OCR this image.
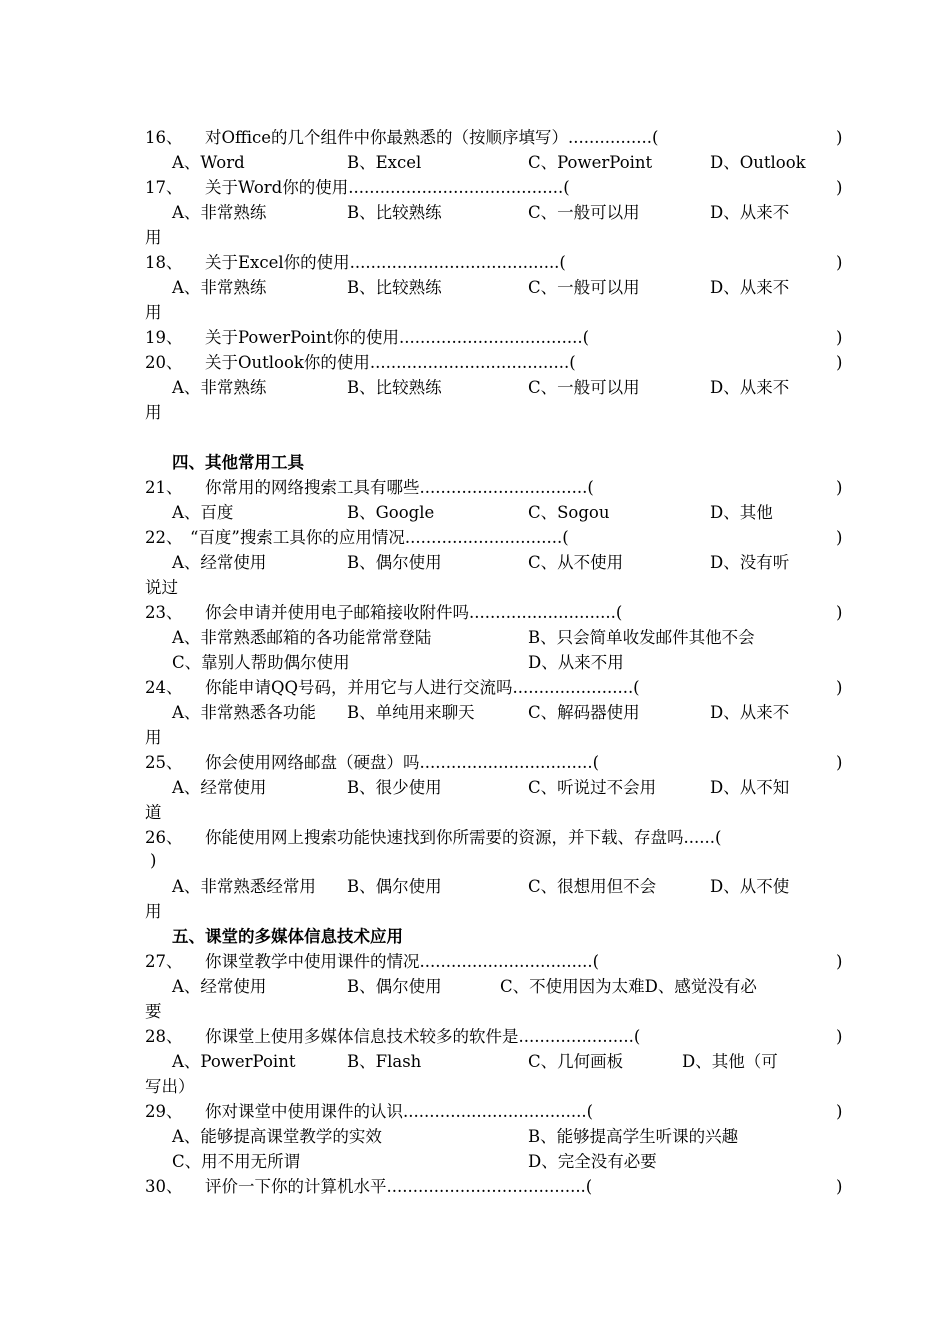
16、 对Office的几个组件中你最熟悉的（按顺序填写）................(	)
A、Word	B、Excel	C、PowerPoint	D、Outlook
17、 关于Word你的使用.........................................(	)
A、非常熟练	B、比较熟练	C、一般可以用	D、从来不
用
18、 关于Excel你的使用........................................(	)
A、非常熟练	B、比较熟练	C、一般可以用	D、从来不
用
19、 关于PowerPoint你的使用...................................(	)
20、 关于Outlook你的使用......................................(	)
A、非常熟练	B、比较熟练	C、一般可以用	D、从来不
用
四、其他常用工具
21、 你常用的网络搜索工具有哪些................................(	)
A、百度	B、Google	C、Sogou	D、其他
22、 “百度”搜索工具你的应用情况..............................(	)
A、经常使用	B、偶尔使用	C、从不使用	D、没有听
说过
23、 你会申请并使用电子邮箱接收附件吗............................(	)
A、非常熟悉邮箱的各功能常常登陆	B、只会简单收发邮件其他不会
C、靠别人帮助偶尔使用	D、从来不用
24、 你能申请QQ号码，并用它与人进行交流吗.......................(	)
A、非常熟悉各功能 B、单纯用来聊天	C、解码器使用	D、从来不
用
25、 你会使用网络邮盘（硬盘）吗.................................(	)
A、经常使用	B、很少使用	C、听说过不会用	D、从不知
道
26、 你能使用网上搜索功能快速找到你所需要的资源，并下载、存盘吗......(
)
A、非常熟悉经常用 B、偶尔使用	C、很想用但不会	D、从不使
用
五、课堂的多媒体信息技术应用
27、 你课堂教学中使用课件的情况.................................(	)
A、经常使用	B、偶尔使用	C、不使用因为太难D、感觉没有必
要
28、 你课堂上使用多媒体信息技术较多的软件是......................(	)
A、PowerPoint	B、Flash	C、几何画板	D、其他（可
写出）
29、 你对课堂中使用课件的认识...................................(	)
A、能够提高课堂教学的实效	B、能够提高学生听课的兴趣
C、用不用无所谓	D、完全没有必要
30、 评价一下你的计算机水平......................................(	)
